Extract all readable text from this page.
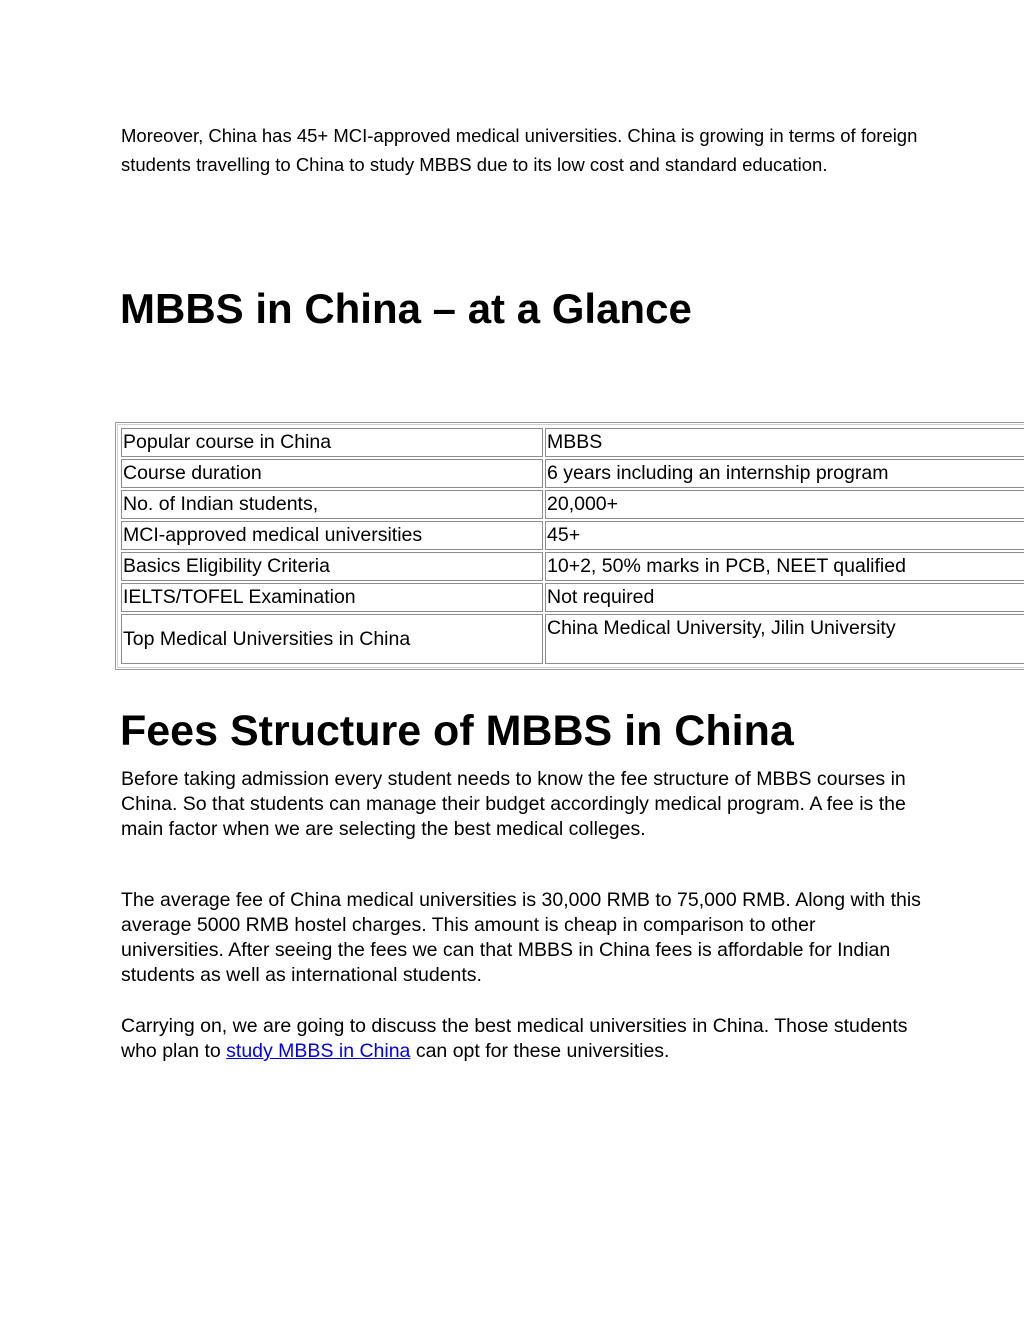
Moreover, China has 45+ MCI-approved medical universities. China is growing in terms of foreign students travelling to China to study MBBS due to its low cost and standard education.

MBBS in China – at a Glance
Popular course in China	MBBS
Course duration	6 years including an internship program
No. of Indian students,	20,000+
MCI-approved medical universities	45+
Basics Eligibility Criteria	10+2, 50% marks in PCB, NEET qualified
IELTS/TOFEL Examination	Not required
Top Medical Universities in China	China Medical University, Jilin University
Fees Structure of MBBS in China

Before taking admission every student needs to know the fee structure of MBBS courses in China. So that students can manage their budget accordingly medical program. A fee is the main factor when we are selecting the best medical colleges.

The average fee of China medical universities is 30,000 RMB to 75,000 RMB. Along with this average 5000 RMB hostel charges. This amount is cheap in comparison to other universities. After seeing the fees we can that MBBS in China fees is affordable for Indian students as well as international students.

Carrying on, we are going to discuss the best medical universities in China. Those students who plan to study MBBS in China can opt for these universities.
